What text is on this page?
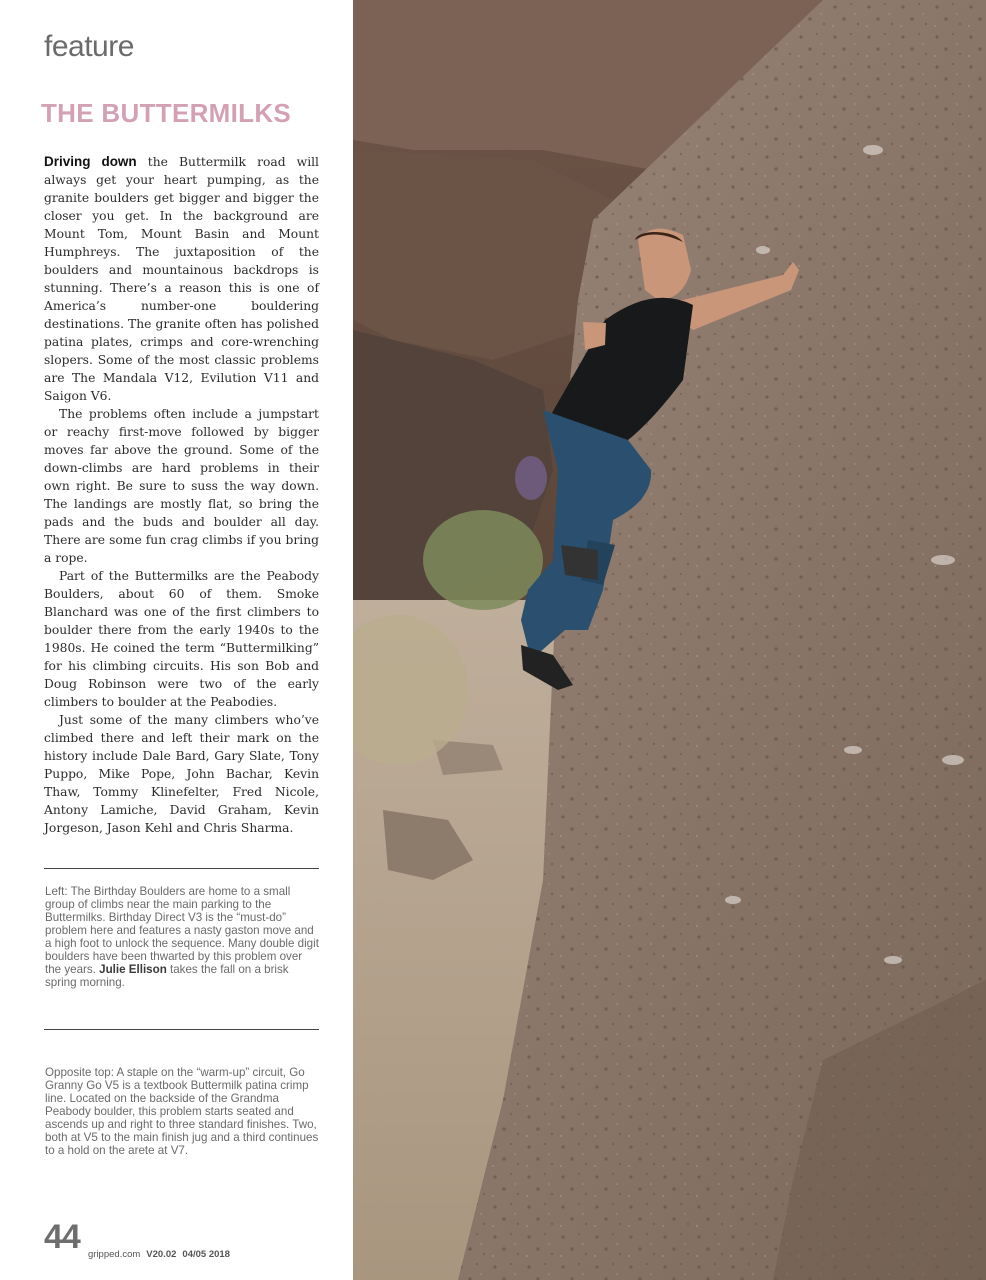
feature
THE BUTTERMILKS

Driving down the Buttermilk road will always get your heart pumping, as the granite boulders get bigger and bigger the closer you get. In the background are Mount Tom, Mount Basin and Mount Humphreys. The juxtaposition of the boulders and mountainous backdrops is stunning. There’s a reason this is one of America’s number-one bouldering destinations. The granite often has polished patina plates, crimps and core-wrenching slopers. Some of the most classic problems are The Mandala V12, Evilution V11 and Saigon V6.

The problems often include a jumpstart or reachy first-move followed by bigger moves far above the ground. Some of the down-climbs are hard problems in their own right. Be sure to suss the way down. The landings are mostly flat, so bring the pads and the buds and boulder all day. There are some fun crag climbs if you bring a rope.

Part of the Buttermilks are the Peabody Boulders, about 60 of them. Smoke Blanchard was one of the first climbers to boulder there from the early 1940s to the 1980s. He coined the term “Buttermilking” for his climbing circuits. His son Bob and Doug Robinson were two of the early climbers to boulder at the Peabodies.

Just some of the many climbers who’ve climbed there and left their mark on the history include Dale Bard, Gary Slate, Tony Puppo, Mike Pope, John Bachar, Kevin Thaw, Tommy Klinefelter, Fred Nicole, Antony Lamiche, David Graham, Kevin Jorgeson, Jason Kehl and Chris Sharma.

Left: The Birthday Boulders are home to a small group of climbs near the main parking to the Buttermilks. Birthday Direct V3 is the “must-do” problem here and features a nasty gaston move and a high foot to unlock the sequence. Many double digit boulders have been thwarted by this problem over the years. Julie Ellison takes the fall on a brisk spring morning.
Opposite top: A staple on the “warm-up” circuit, Go Granny Go V5 is a textbook Buttermilk patina crimp line. Located on the backside of the Grandma Peabody boulder, this problem starts seated and ascends up and right to three standard finishes. Two, both at V5 to the main finish jug and a third continues to a hold on the arete at V7.
44 gripped.com V20.02 04/05 2018
